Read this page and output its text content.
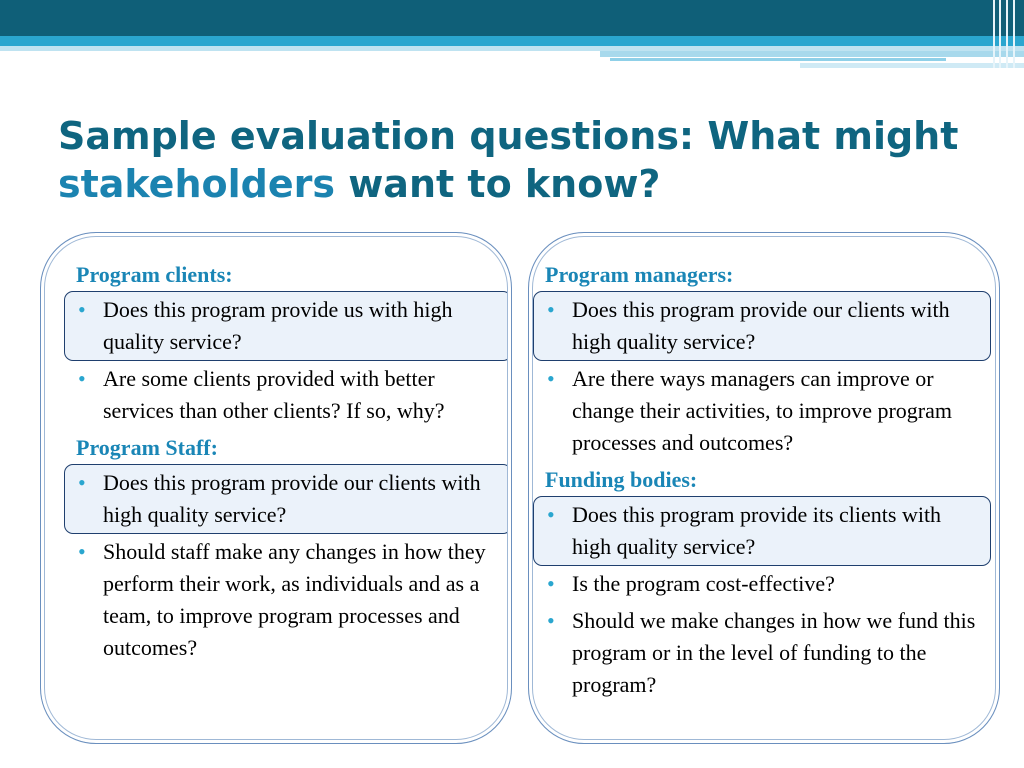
Sample evaluation questions: What might
stakeholders want to know?
Program clients:
• Does this program provide us with high quality service?
• Are some clients provided with better services than other clients? If so, why?
Program Staff:
• Does this program provide our clients with high quality service?
• Should staff make any changes in how they perform their work, as individuals and as a team, to improve program processes and outcomes?
Program managers:
• Does this program provide our clients with high quality service?
• Are there ways managers can improve or change their activities, to improve program processes and outcomes?
Funding bodies:
• Does this program provide its clients with high quality service?
• Is the program cost-effective?
• Should we make changes in how we fund this program or in the level of funding to the program?
